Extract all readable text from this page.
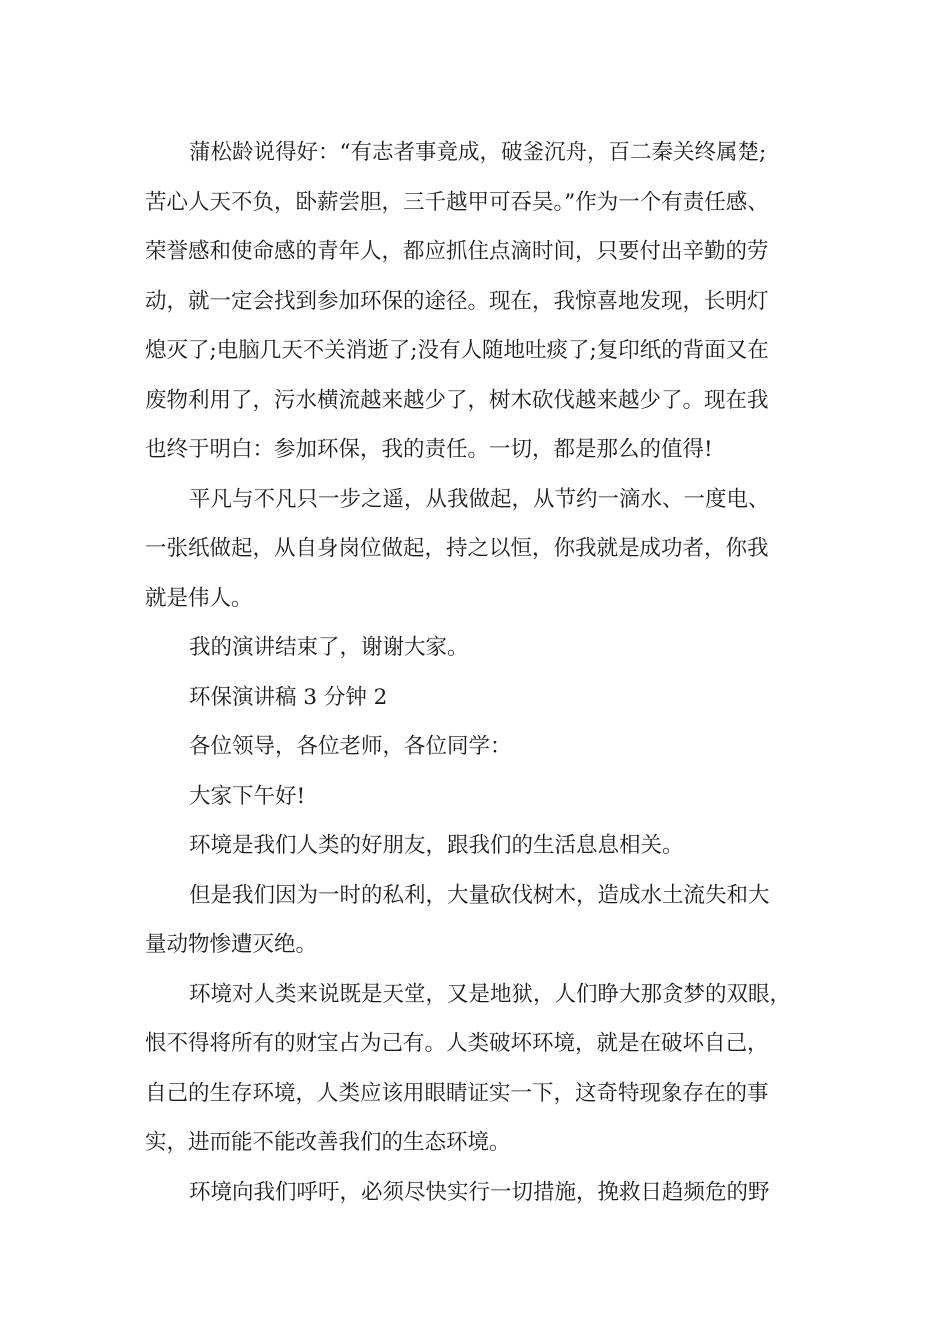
蒲松龄说得好：“有志者事竟成，破釜沉舟，百二秦关终属楚;
苦心人天不负，卧薪尝胆，三千越甲可吞吴。”作为一个有责任感、
荣誉感和使命感的青年人，都应抓住点滴时间，只要付出辛勤的劳
动，就一定会找到参加环保的途径。现在，我惊喜地发现，长明灯
熄灭了;电脑几天不关消逝了;没有人随地吐痰了;复印纸的背面又在
废物利用了，污水横流越来越少了，树木砍伐越来越少了。现在我
也终于明白：参加环保，我的责任。一切，都是那么的值得!
平凡与不凡只一步之遥，从我做起，从节约一滴水、一度电、
一张纸做起，从自身岗位做起，持之以恒，你我就是成功者，你我
就是伟人。
我的演讲结束了，谢谢大家。
环保演讲稿 3 分钟 2
各位领导，各位老师，各位同学：
大家下午好!
环境是我们人类的好朋友，跟我们的生活息息相关。
但是我们因为一时的私利，大量砍伐树木，造成水土流失和大
量动物惨遭灭绝。
环境对人类来说既是天堂，又是地狱，人们睁大那贪梦的双眼，
恨不得将所有的财宝占为己有。人类破坏环境，就是在破坏自己，
自己的生存环境，人类应该用眼睛证实一下，这奇特现象存在的事
实，进而能不能改善我们的生态环境。
环境向我们呼吁，必须尽快实行一切措施，挽救日趋频危的野
